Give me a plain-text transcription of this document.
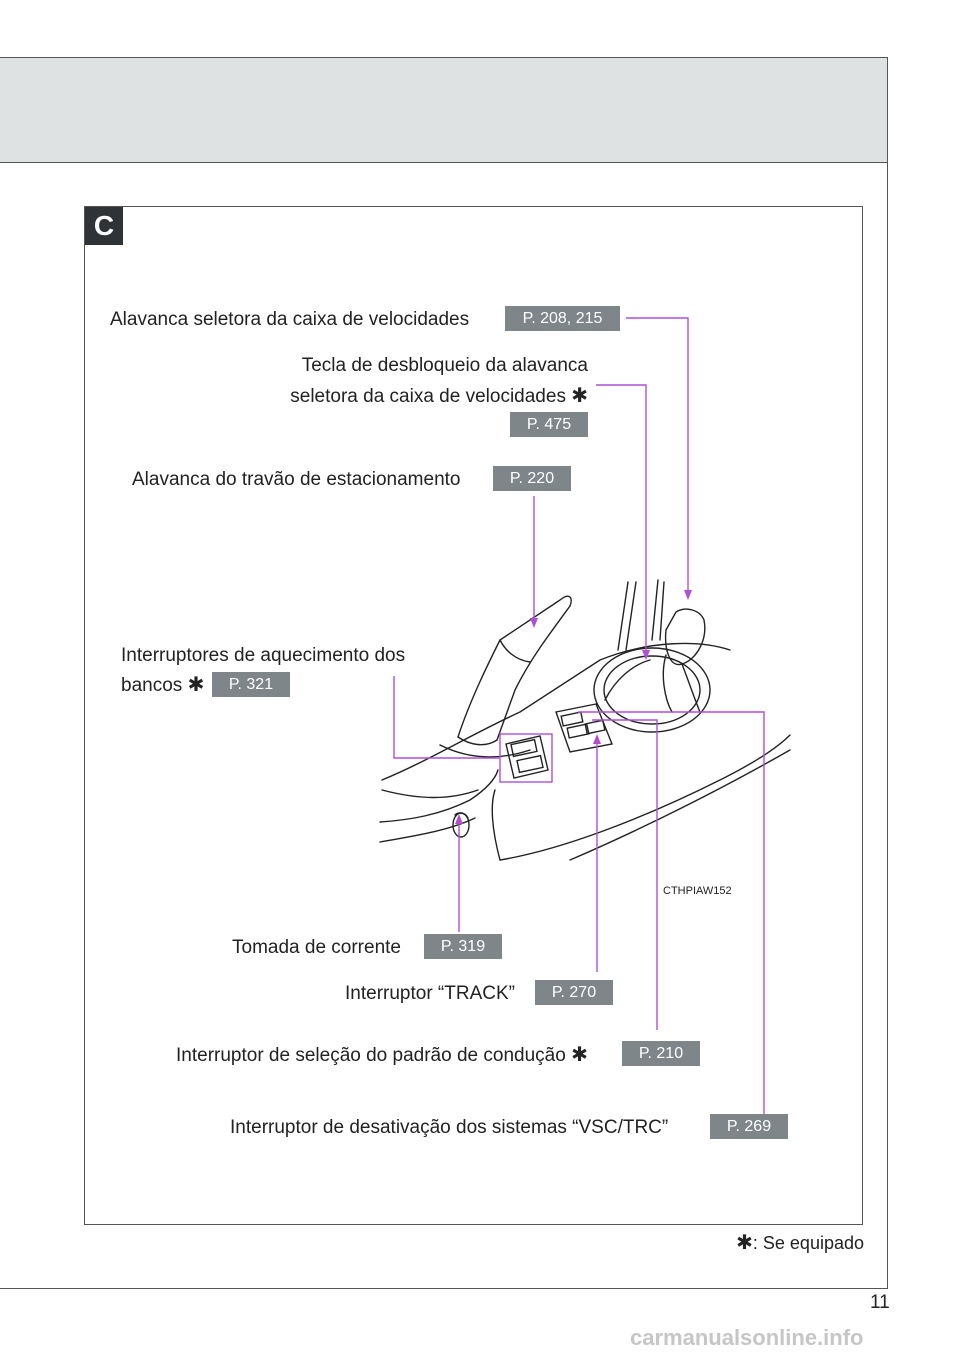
C
Alavanca seletora da caixa de velocidades	P. 208, 215
Tecla de desbloqueio da alavanca
seletora da caixa de velocidades ✱
P. 475
Alavanca do travão de estacionamento	P. 220
Interruptores de aquecimento dos
bancos ✱	P. 321
CTHPIAW152
Tomada de corrente	P. 319
Interruptor “TRACK”	P. 270
Interruptor de seleção do padrão de condução ✱	P. 210
Interruptor de desativação dos sistemas “VSC/TRC”	P. 269
✱: Se equipado
11
carmanualsonline.info
